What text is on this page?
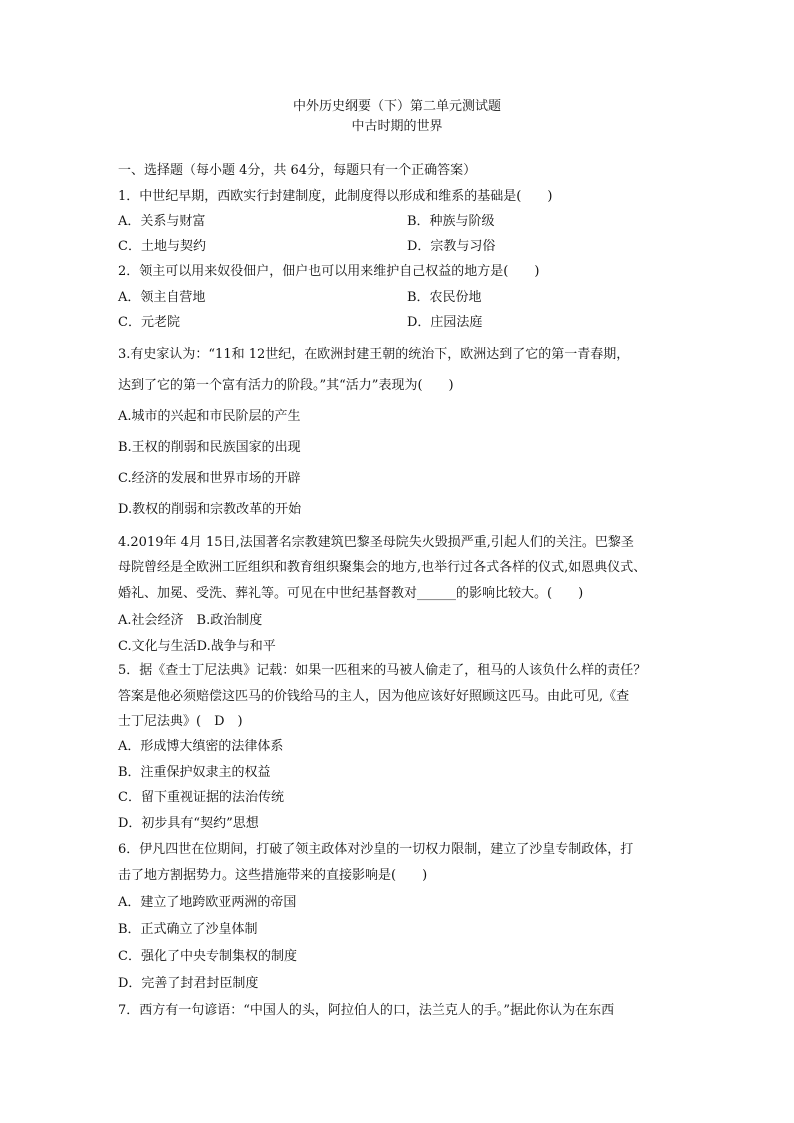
中外历史纲要（下）第二单元测试题
中古时期的世界
一、选择题（每小题 4分，共 64分，每题只有一个正确答案）
1．中世纪早期，西欧实行封建制度，此制度得以形成和维系的基础是(　　)
A．关系与财富	B．种族与阶级
C．土地与契约	D．宗教与习俗
2．领主可以用来奴役佃户，佃户也可以用来维护自己权益的地方是(　　)
A．领主自营地	B．农民份地
C．元老院	D．庄园法庭
3.有史家认为：“11和 12世纪，在欧洲封建王朝的统治下，欧洲达到了它的第一青春期，
达到了它的第一个富有活力的阶段。”其“活力”表现为(　　)
A.城市的兴起和市民阶层的产生
B.王权的削弱和民族国家的出现
C.经济的发展和世界市场的开辟
D.教权的削弱和宗教改革的开始
4.2019年 4月 15日,法国著名宗教建筑巴黎圣母院失火毁损严重,引起人们的关注。巴黎圣
母院曾经是全欧洲工匠组织和教育组织聚集会的地方,也举行过各式各样的仪式,如恩典仪式、
婚礼、加冕、受洗、葬礼等。可见在中世纪基督教对______的影响比较大。(　　)
A.社会经济　B.政治制度
C.文化与生活D.战争与和平
5．据《查士丁尼法典》记载：如果一匹租来的马被人偷走了，租马的人该负什么样的责任？
答案是他必须赔偿这匹马的价钱给马的主人，因为他应该好好照顾这匹马。由此可见,《查
士丁尼法典》(　D　)
A．形成博大缜密的法律体系
B．注重保护奴隶主的权益
C．留下重视证据的法治传统
D．初步具有“契约”思想
6．伊凡四世在位期间，打破了领主政体对沙皇的一切权力限制，建立了沙皇专制政体，打
击了地方割据势力。这些措施带来的直接影响是(　　)
A．建立了地跨欧亚两洲的帝国
B．正式确立了沙皇体制
C．强化了中央专制集权的制度
D．完善了封君封臣制度
7．西方有一句谚语：“中国人的头，阿拉伯人的口，法兰克人的手。”据此你认为在东西
